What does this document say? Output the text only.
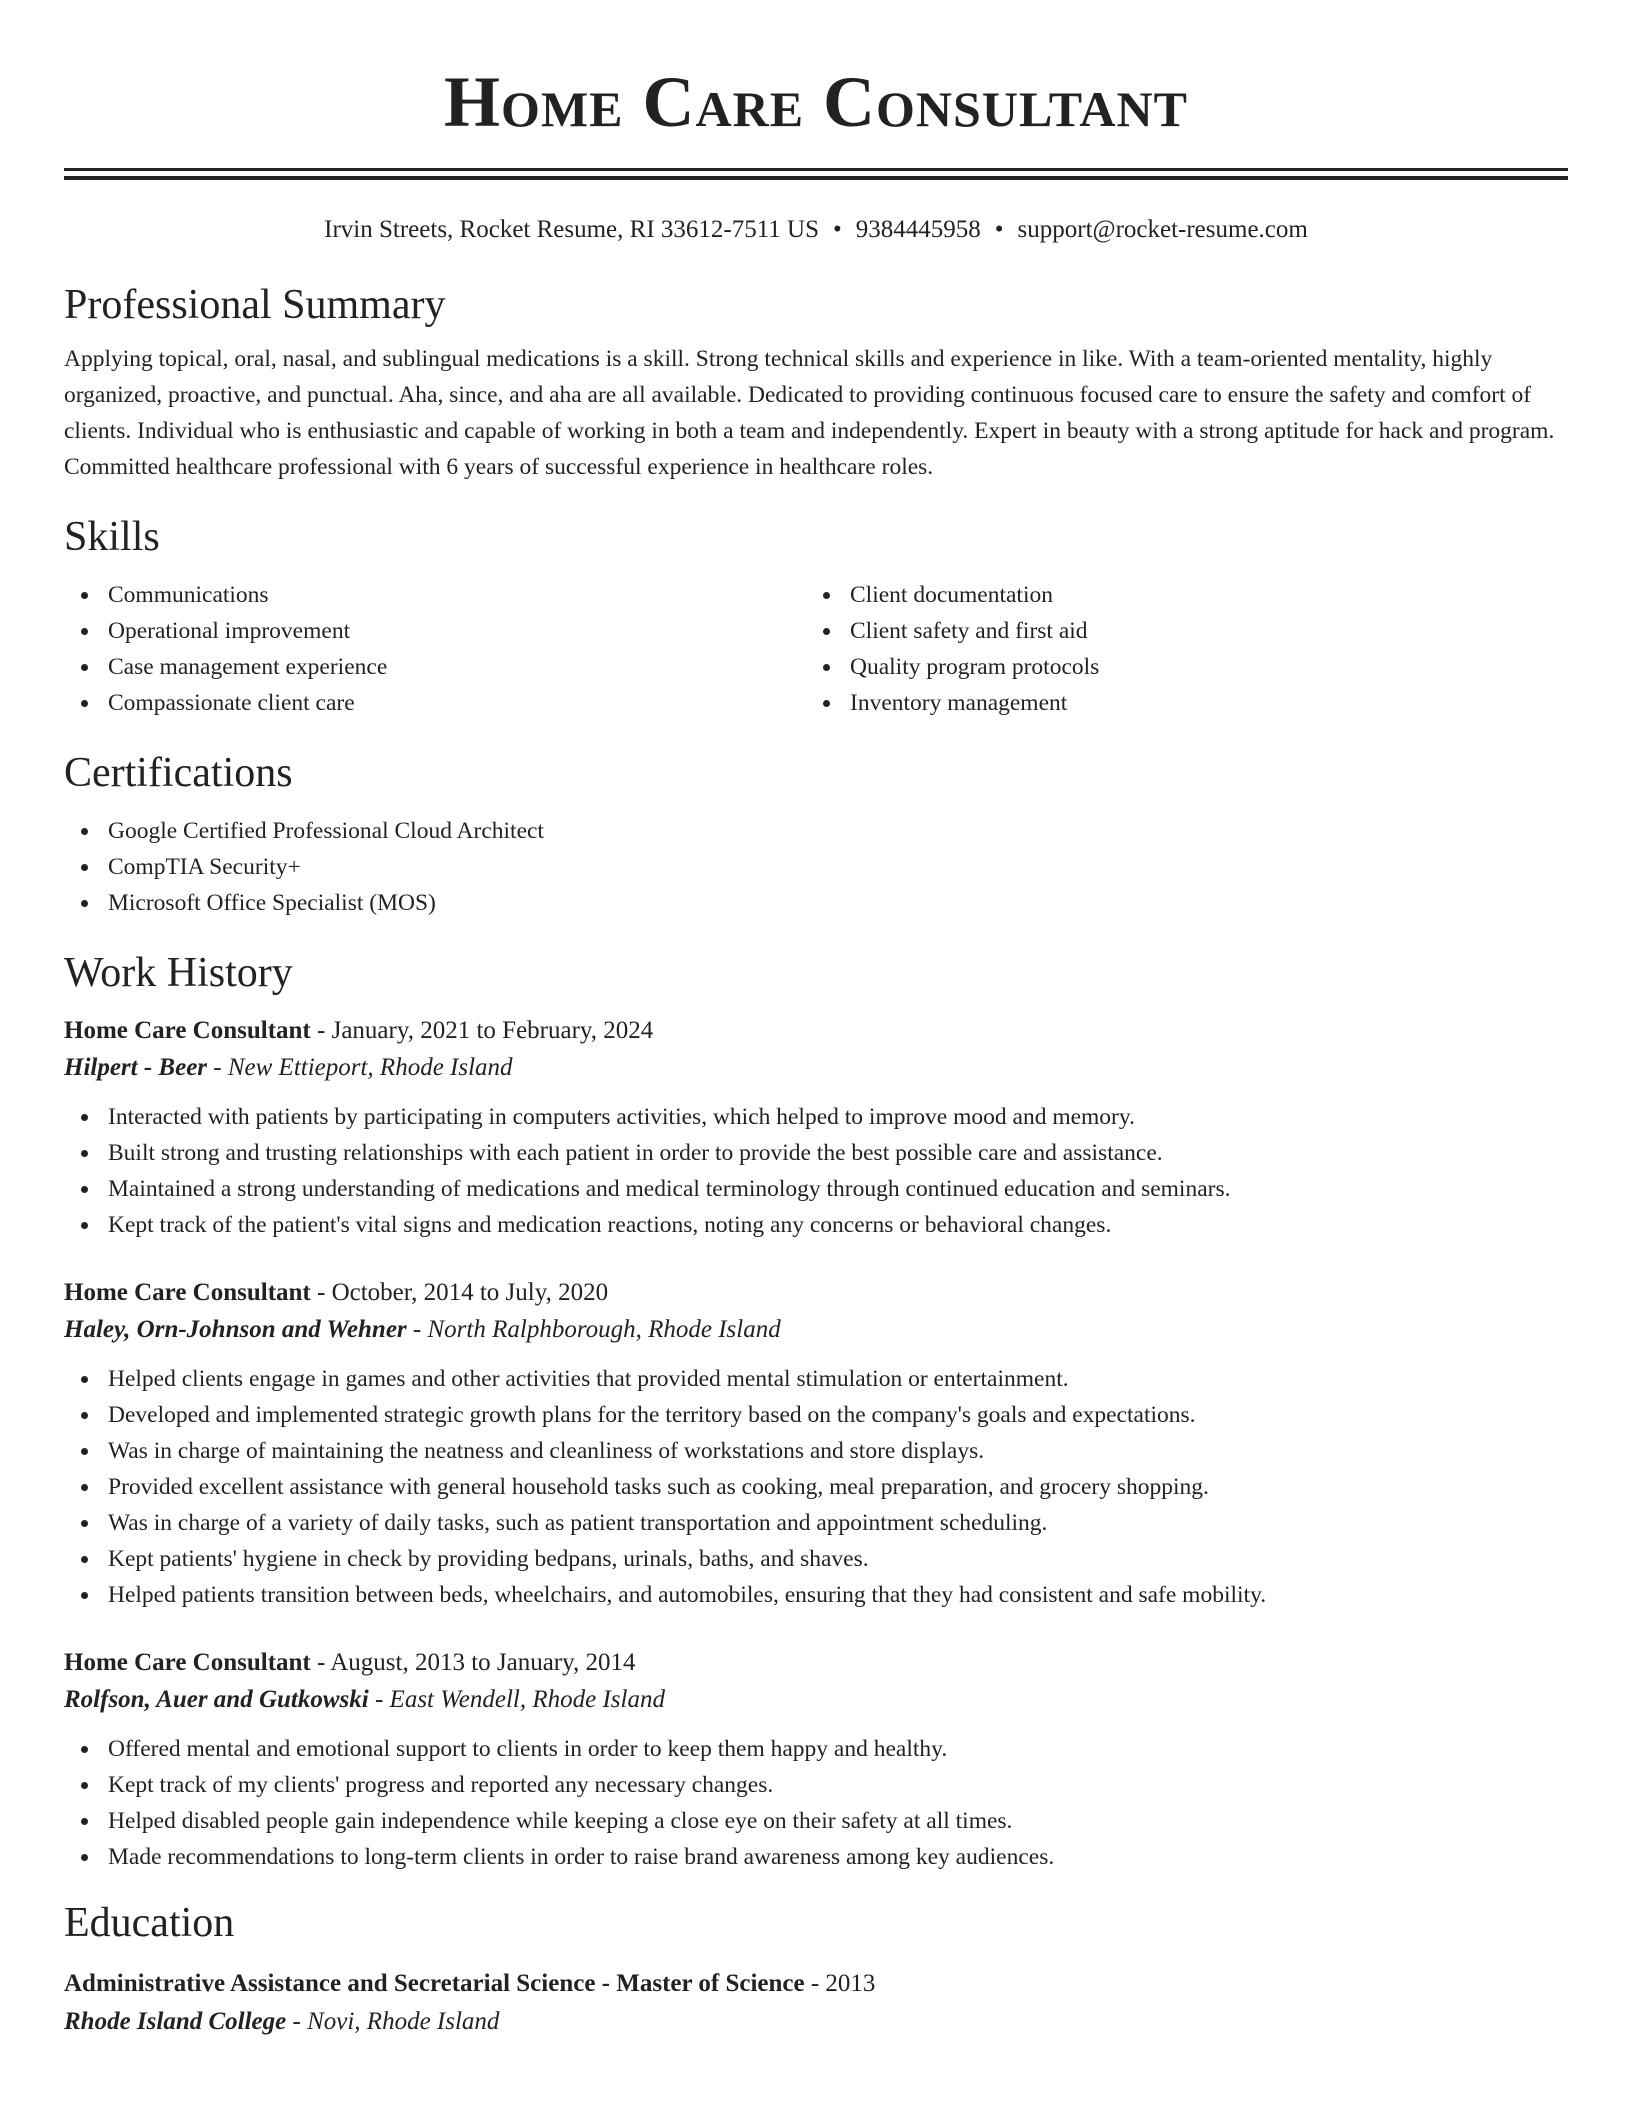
Home Care Consultant
Irvin Streets, Rocket Resume, RI 33612-7511 US • 9384445958 • support@rocket-resume.com
Professional Summary

Applying topical, oral, nasal, and sublingual medications is a skill. Strong technical skills and experience in like. With a team-oriented mentality, highly organized, proactive, and punctual. Aha, since, and aha are all available. Dedicated to providing continuous focused care to ensure the safety and comfort of clients. Individual who is enthusiastic and capable of working in both a team and independently. Expert in beauty with a strong aptitude for hack and program. Committed healthcare professional with 6 years of successful experience in healthcare roles.

Skills
Communications
Operational improvement
Case management experience
Compassionate client care
Client documentation
Client safety and first aid
Quality program protocols
Inventory management
Certifications
Google Certified Professional Cloud Architect
CompTIA Security+
Microsoft Office Specialist (MOS)
Work History
Home Care Consultant - January, 2021 to February, 2024
Hilpert - Beer - New Ettieport, Rhode Island
Interacted with patients by participating in computers activities, which helped to improve mood and memory.
Built strong and trusting relationships with each patient in order to provide the best possible care and assistance.
Maintained a strong understanding of medications and medical terminology through continued education and seminars.
Kept track of the patient's vital signs and medication reactions, noting any concerns or behavioral changes.
Home Care Consultant - October, 2014 to July, 2020
Haley, Orn-Johnson and Wehner - North Ralphborough, Rhode Island
Helped clients engage in games and other activities that provided mental stimulation or entertainment.
Developed and implemented strategic growth plans for the territory based on the company's goals and expectations.
Was in charge of maintaining the neatness and cleanliness of workstations and store displays.
Provided excellent assistance with general household tasks such as cooking, meal preparation, and grocery shopping.
Was in charge of a variety of daily tasks, such as patient transportation and appointment scheduling.
Kept patients' hygiene in check by providing bedpans, urinals, baths, and shaves.
Helped patients transition between beds, wheelchairs, and automobiles, ensuring that they had consistent and safe mobility.
Home Care Consultant - August, 2013 to January, 2014
Rolfson, Auer and Gutkowski - East Wendell, Rhode Island
Offered mental and emotional support to clients in order to keep them happy and healthy.
Kept track of my clients' progress and reported any necessary changes.
Helped disabled people gain independence while keeping a close eye on their safety at all times.
Made recommendations to long-term clients in order to raise brand awareness among key audiences.
Education
Administrative Assistance and Secretarial Science - Master of Science - 2013
Rhode Island College - Novi, Rhode Island
